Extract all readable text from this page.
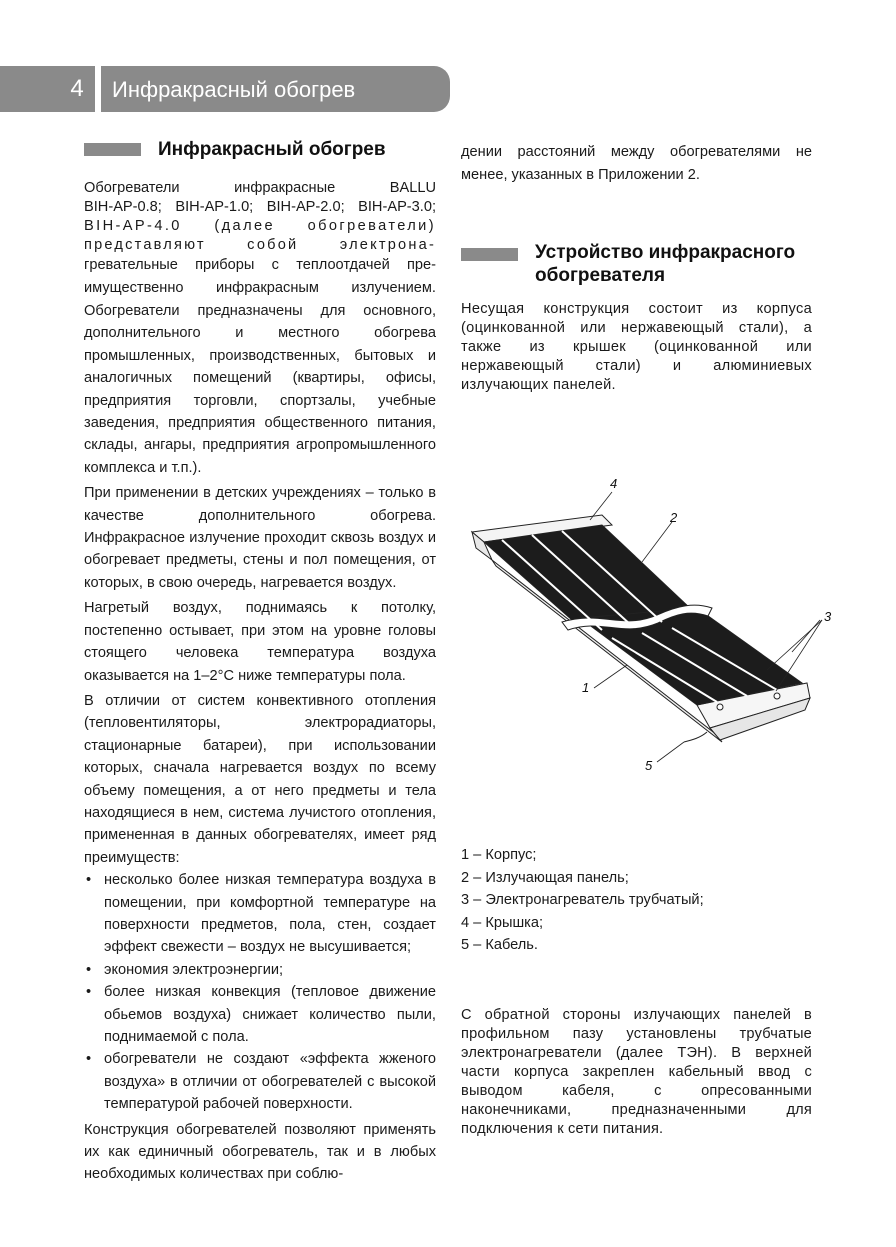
4	Инфракрасный обогрев
Инфракрасный обогрев
Обогреватели инфракрасные BALLU
BIH-AP-0.8; BIH-AP-1.0; BIH-AP-2.0; BIH-AP-3.0;
BIH-AP-4.0 (далее обогреватели)
представляют собой электрона-
гревательные приборы с теплоотдачей пре-
имущественно инфракрасным излучением.

Обогреватели предназначены для основного, дополнительного и местного обогрева промышленных, производственных, бытовых и аналогичных помещений (квартиры, офисы, предприятия торговли, спортзалы, учебные заведения, предприятия общественного питания, склады, ангары, предприятия агропромышленного комплекса и т.п.).

При применении в детских учреждениях – только в качестве дополнительного обогрева. Инфракрасное излучение проходит сквозь воздух и обогревает предметы, стены и пол помещения, от которых, в свою очередь, нагревается воздух.

Нагретый воздух, поднимаясь к потолку, постепенно остывает, при этом на уровне головы стоящего человека температура воздуха оказывается на 1–2°C ниже температуры пола.

В отличии от систем конвективного отопления (тепловентиляторы, электрорадиаторы, стационарные батареи), при использовании которых, сначала нагревается воздух по всему объему помещения, а от него предметы и тела находящиеся в нем, система лучистого отопления, примененная в данных обогревателях, имеет ряд преимуществ:

• несколько более низкая температура воздуха в помещении, при комфортной температуре на поверхности предметов, пола, стен, создает эффект свежести – воздух не высушивается;
• экономия электроэнергии;
• более низкая конвекция (тепловое движение обьемов воздуха) снижает количество пыли, поднимаемой с пола.
• обогреватели не создают «эффекта жженого воздуха» в отличии от обогревателей с высокой температурой рабочей поверхности.

Конструкция обогревателей позволяют применять их как единичный обогреватель, так и в любых необходимых количествах при соблю-

дении расстояний между обогревателями не менее, указанных в Приложении 2.

Устройство инфракрасного
обогревателя

Несущая конструкция состоит из корпуса (оцинкованной или нержавеющый стали), а также из крышек (оцинкованной или нержавеющый стали) и алюминиевых излучающих панелей.

4
2
3
1
5
1 – Корпус;
2 – Излучающая панель;
3 – Электронагреватель трубчатый;
4 – Крышка;
5 – Кабель.

С обратной стороны излучающих панелей в профильном пазу установлены трубчатые электронагреватели (далее ТЭН). В верхней части корпуса закреплен кабельный ввод с выводом кабеля, с опресованными наконечниками, предназначенными для подключения к сети питания.
